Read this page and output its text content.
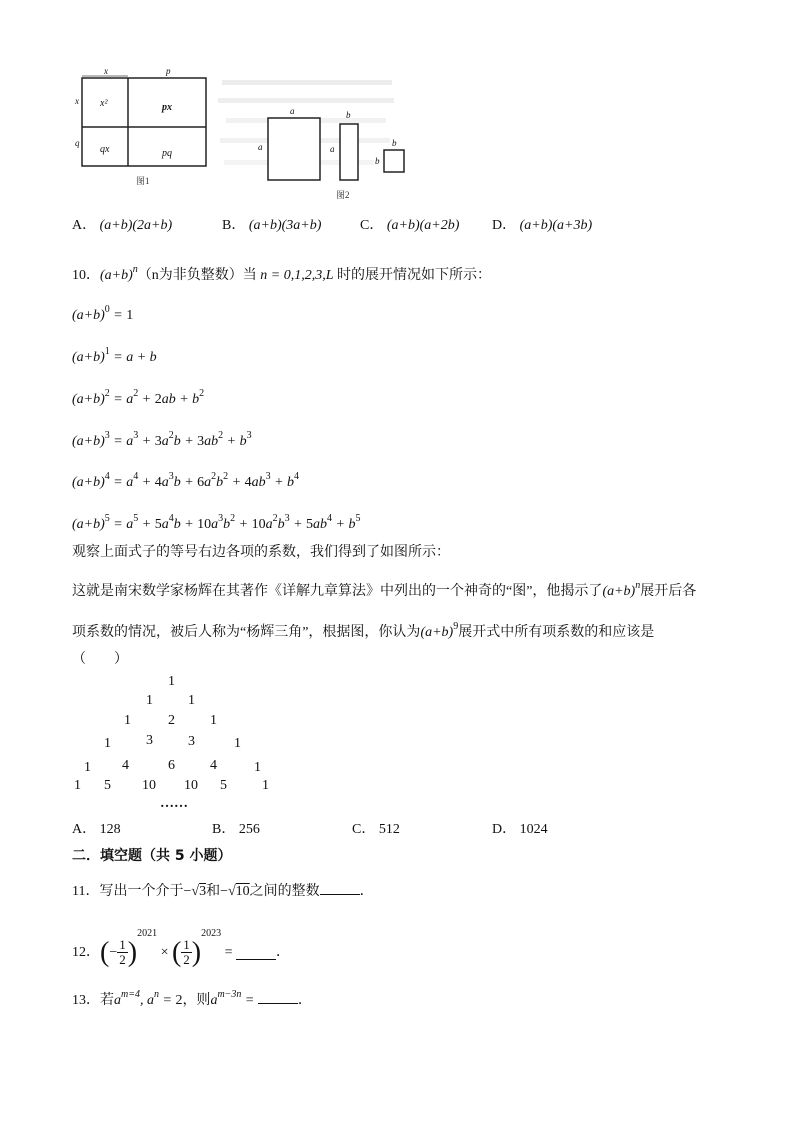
x	p
x
q
x²	px
qx	pq
图1
a
a
b
a
b
b
图2
A． (a+b)(2a+b)	B． (a+b)(3a+b)	C． (a+b)(a+2b) D． (a+b)(a+3b)
10．$(a+b)^n(n$为非负整数）当 n = 0,1,2,3,L 时的展开情况如下所示：
$(a+b)^0 = 1$
$(a+b)^1 = a + b$
$(a+b)^2 = a^2 + 2ab + b^2$
$(a+b)^3 = a^3 + 3a^2b + 3ab^2 + b^3$
$(a+b)^4 = a^4 + 4a^3b + 6a^2b^2 + 4ab^3 + b^4$
$(a+b)^5 = a^5 + 5a^4b + 10a^3b^2 + 10a^2b^3 + 5ab^4 + b^5$
观察上面式子的等号右边各项的系数，我们得到了如图所示：
这就是南宋数学家杨辉在其著作《详解九章算法》中列出的一个神奇的“图”，他揭示了$(a+b)^n$展开后各
项系数的情况，被后人称为“杨辉三角”，根据图，你认为$(a+b)^9$展开式中所有项系数的和应该是
（　　）
1
1	1
1	2	1
1	3	3	1
1 4	6	4	1
1 5 10 10 5	1
……
A． 128	B． 256	C． 512	D． 1024
二．填空题（共 5 小题）
11．写出一个介于−√3和−√10之间的整数	．
12．(− $\frac{1}{2} )^{2021}$ × ( $\frac{1}{2} )^{2023}$ =	．
13．若$a^{m=4}$, $a^n = 2$，则$a^{m-3n}$ =	．
